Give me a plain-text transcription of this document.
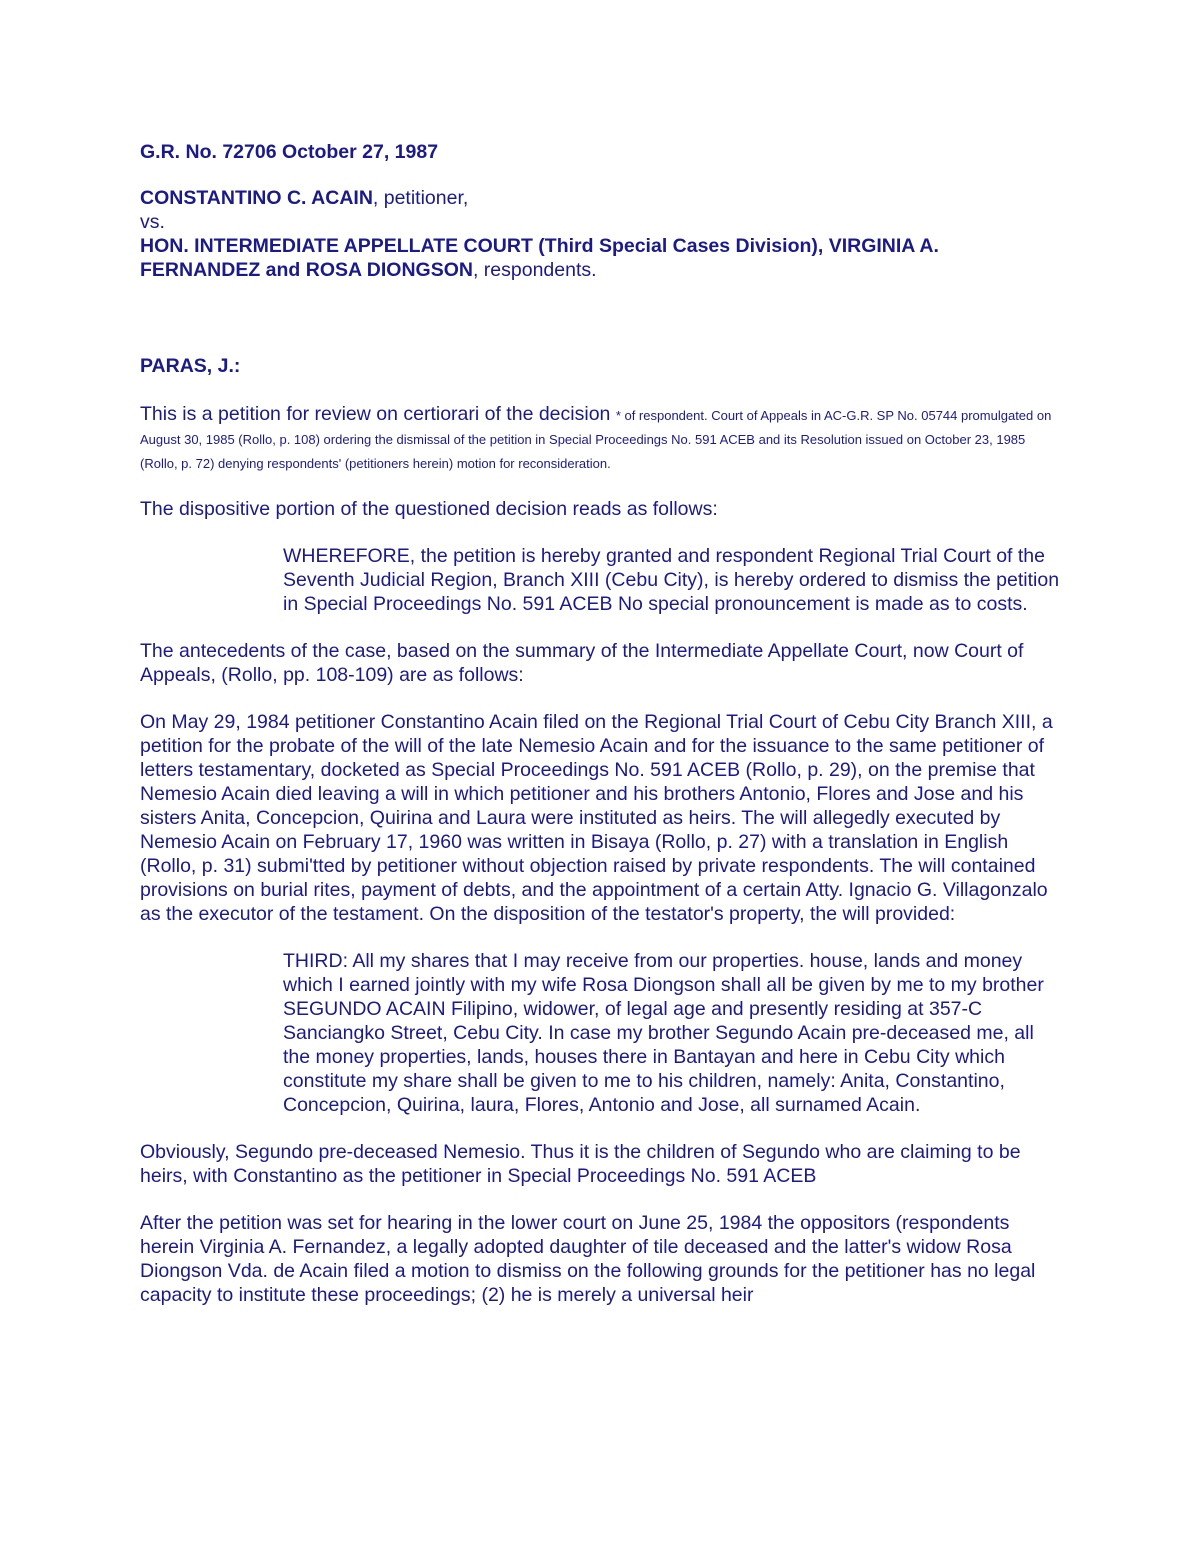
G.R. No. 72706 October 27, 1987

CONSTANTINO C. ACAIN, petitioner,

vs.

HON. INTERMEDIATE APPELLATE COURT (Third Special Cases Division), VIRGINIA A. FERNANDEZ and ROSA DIONGSON, respondents.

PARAS, J.:

This is a petition for review on certiorari of the decision * of respondent. Court of Appeals in AC-G.R. SP No. 05744 promulgated on August 30, 1985 (Rollo, p. 108) ordering the dismissal of the petition in Special Proceedings No. 591 ACEB and its Resolution issued on October 23, 1985 (Rollo, p. 72) denying respondents' (petitioners herein) motion for reconsideration.

The dispositive portion of the questioned decision reads as follows:

WHEREFORE, the petition is hereby granted and respondent Regional Trial Court of the Seventh Judicial Region, Branch XIII (Cebu City), is hereby ordered to dismiss the petition in Special Proceedings No. 591 ACEB No special pronouncement is made as to costs.

The antecedents of the case, based on the summary of the Intermediate Appellate Court, now Court of Appeals, (Rollo, pp. 108-109) are as follows:

On May 29, 1984 petitioner Constantino Acain filed on the Regional Trial Court of Cebu City Branch XIII, a petition for the probate of the will of the late Nemesio Acain and for the issuance to the same petitioner of letters testamentary, docketed as Special Proceedings No. 591 ACEB (Rollo, p. 29), on the premise that Nemesio Acain died leaving a will in which petitioner and his brothers Antonio, Flores and Jose and his sisters Anita, Concepcion, Quirina and Laura were instituted as heirs. The will allegedly executed by Nemesio Acain on February 17, 1960 was written in Bisaya (Rollo, p. 27) with a translation in English (Rollo, p. 31) submi'tted by petitioner without objection raised by private respondents. The will contained provisions on burial rites, payment of debts, and the appointment of a certain Atty. Ignacio G. Villagonzalo as the executor of the testament. On the disposition of the testator's property, the will provided:

THIRD: All my shares that I may receive from our properties. house, lands and money which I earned jointly with my wife Rosa Diongson shall all be given by me to my brother SEGUNDO ACAIN Filipino, widower, of legal age and presently residing at 357-C Sanciangko Street, Cebu City. In case my brother Segundo Acain pre-deceased me, all the money properties, lands, houses there in Bantayan and here in Cebu City which constitute my share shall be given to me to his children, namely: Anita, Constantino, Concepcion, Quirina, laura, Flores, Antonio and Jose, all surnamed Acain.

Obviously, Segundo pre-deceased Nemesio. Thus it is the children of Segundo who are claiming to be heirs, with Constantino as the petitioner in Special Proceedings No. 591 ACEB

After the petition was set for hearing in the lower court on June 25, 1984 the oppositors (respondents herein Virginia A. Fernandez, a legally adopted daughter of tile deceased and the latter's widow Rosa Diongson Vda. de Acain filed a motion to dismiss on the following grounds for the petitioner has no legal capacity to institute these proceedings; (2) he is merely a universal heir
